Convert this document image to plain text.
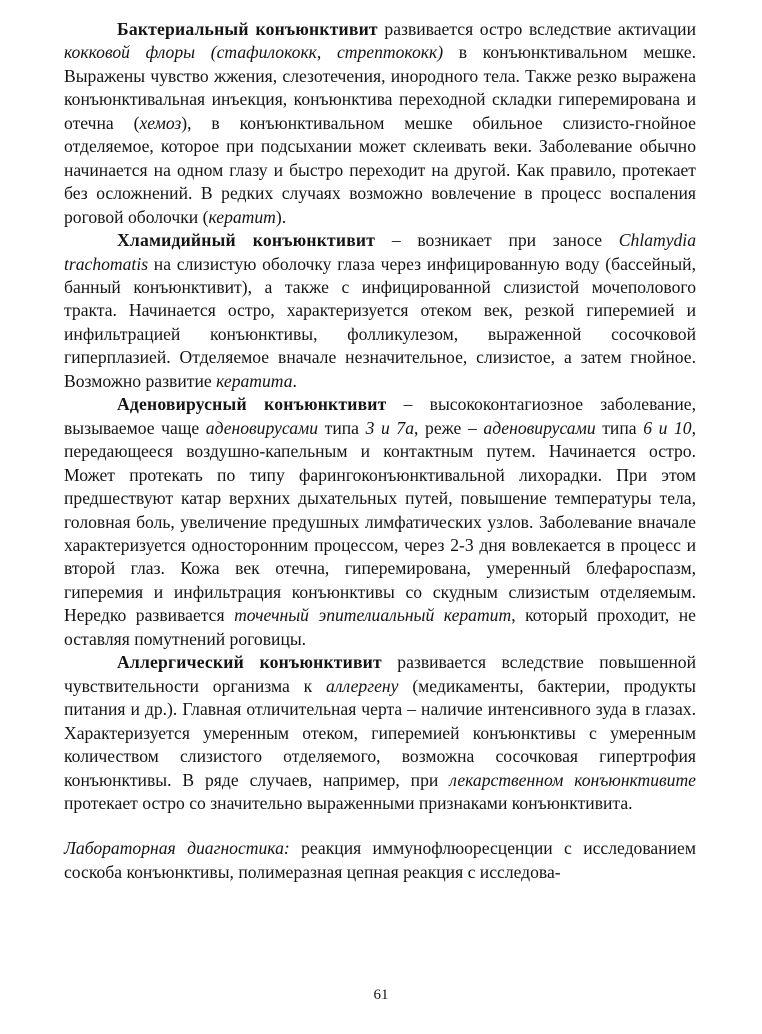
Бактериальный конъюнктивит развивается остро вследствие актиvации кокковой флоры (стафилококк, стрептококк) в конъюнктивальном мешке. Выражены чувство жжения, слезотечения, инородного тела. Также резко выражена конъюнктивальная инъекция, конъюнктива переходной складки гиперемирована и отечна (хемоз), в конъюнктивальном мешке обильное слизисто-гнойное отделяемое, которое при подсыхании может склеивать веки. Заболевание обычно начинается на одном глазу и быстро переходит на другой. Как правило, протекает без осложнений. В редких случаях возможно вовлечение в процесс воспаления роговой оболочки (кератит).

Хламидийный конъюнктивит – возникает при заносе Chlamydia trachomatis на слизистую оболочку глаза через инфицированную воду (бассейный, банный конъюнктивит), а также с инфицированной слизистой мочеполового тракта. Начинается остро, характеризуется отеком век, резкой гиперемией и инфильтрацией конъюнктивы, фолликулезом, выраженной сосочковой гиперплазией. Отделяемое вначале незначительное, слизистое, а затем гнойное. Возможно развитие кератита.

Аденовирусный конъюнктивит – высококонтагиозное заболевание, вызываемое чаще аденовирусами типа 3 и 7а, реже – аденовирусами типа 6 и 10, передающееся воздушно-капельным и контактным путем. Начинается остро. Может протекать по типу фарингоконъюнктивальной лихорадки. При этом предшествуют катар верхних дыхательных путей, повышение температуры тела, головная боль, увеличение предушных лимфатических узлов. Заболевание вначале характеризуется односторонним процессом, через 2-3 дня вовлекается в процесс и второй глаз. Кожа век отечна, гиперемирована, умеренный блефароспазм, гиперемия и инфильтрация конъюнктивы со скудным слизистым отделяемым. Нередко развивается точечный эпителиальный кератит, который проходит, не оставляя помутнений роговицы.

Аллергический конъюнктивит развивается вследствие повышенной чувствительности организма к аллергену (медикаменты, бактерии, продукты питания и др.). Главная отличительная черта – наличие интенсивного зуда в глазах. Характеризуется умеренным отеком, гиперемией конъюнктивы с умеренным количеством слизистого отделяемого, возможна сосочковая гипертрофия конъюнктивы. В ряде случаев, например, при лекарственном конъюнктивите протекает остро со значительно выраженными признаками конъюнктивита.

Лабораторная диагностика: реакция иммунофлюоресценции с исследованием соскоба конъюнктивы, полимеразная цепная реакция с исследова-

61
